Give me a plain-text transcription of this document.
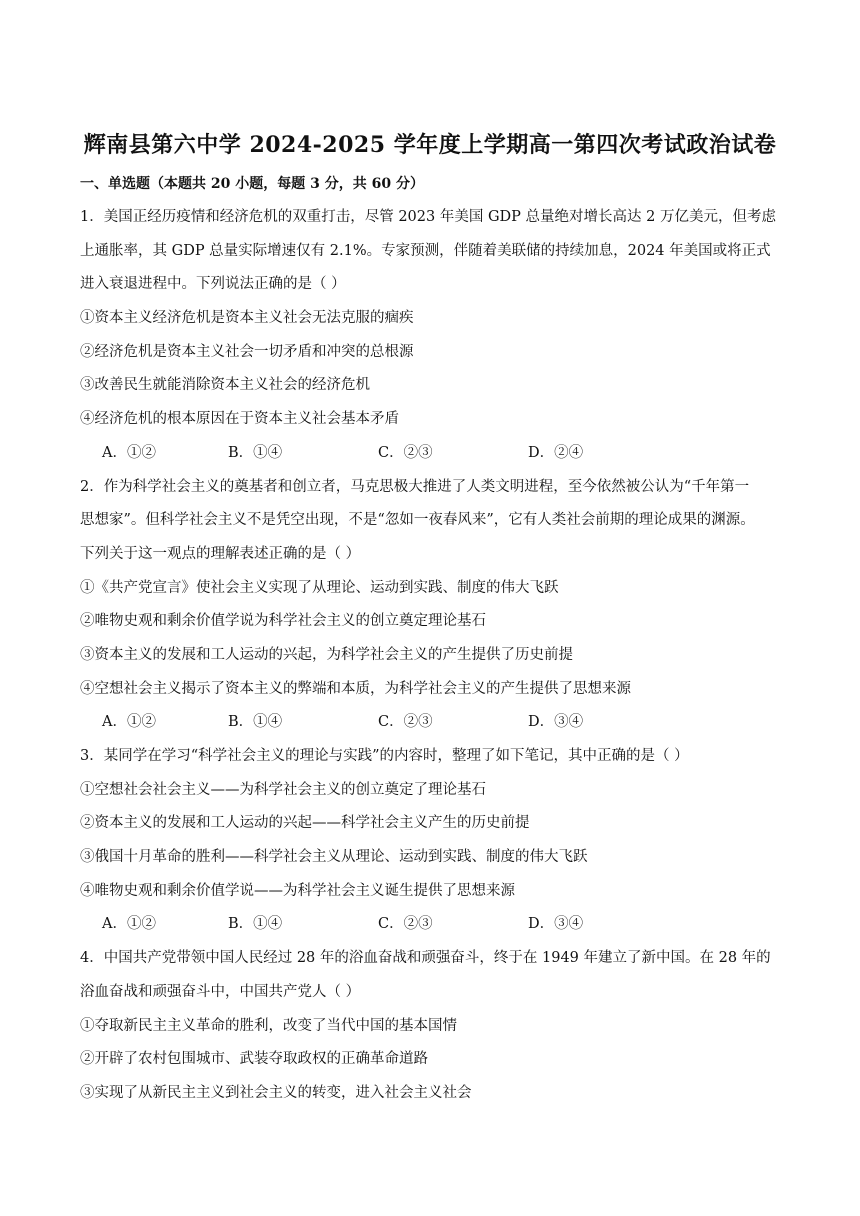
辉南县第六中学 2024-2025 学年度上学期高一第四次考试政治试卷
一、单选题（本题共 20 小题，每题 3 分，共 60 分）
1．美国正经历疫情和经济危机的双重打击，尽管 2023 年美国 GDP 总量绝对增长高达 2 万亿美元，但考虑
上通胀率，其 GDP 总量实际增速仅有 2.1%。专家预测，伴随着美联储的持续加息，2024 年美国或将正式
进入衰退进程中。下列说法正确的是（ ）
①资本主义经济危机是资本主义社会无法克服的痼疾
②经济危机是资本主义社会一切矛盾和冲突的总根源
③改善民生就能消除资本主义社会的经济危机
④经济危机的根本原因在于资本主义社会基本矛盾
A．①②	B．①④	C．②③	D．②④
2．作为科学社会主义的奠基者和创立者，马克思极大推进了人类文明进程，至今依然被公认为“千年第一
思想家”。但科学社会主义不是凭空出现，不是“忽如一夜春风来”，它有人类社会前期的理论成果的渊源。
下列关于这一观点的理解表述正确的是（ ）
①《共产党宣言》使社会主义实现了从理论、运动到实践、制度的伟大飞跃
②唯物史观和剩余价值学说为科学社会主义的创立奠定理论基石
③资本主义的发展和工人运动的兴起，为科学社会主义的产生提供了历史前提
④空想社会主义揭示了资本主义的弊端和本质，为科学社会主义的产生提供了思想来源
A．①②	B．①④	C．②③	D．③④
3．某同学在学习“科学社会主义的理论与实践”的内容时，整理了如下笔记，其中正确的是（ ）
①空想社会社会主义——为科学社会主义的创立奠定了理论基石
②资本主义的发展和工人运动的兴起——科学社会主义产生的历史前提
③俄国十月革命的胜利——科学社会主义从理论、运动到实践、制度的伟大飞跃
④唯物史观和剩余价值学说——为科学社会主义诞生提供了思想来源
A．①②	B．①④	C．②③	D．③④
4．中国共产党带领中国人民经过 28 年的浴血奋战和顽强奋斗，终于在 1949 年建立了新中国。在 28 年的
浴血奋战和顽强奋斗中，中国共产党人（ ）
①夺取新民主主义革命的胜利，改变了当代中国的基本国情
②开辟了农村包围城市、武装夺取政权的正确革命道路
③实现了从新民主主义到社会主义的转变，进入社会主义社会
